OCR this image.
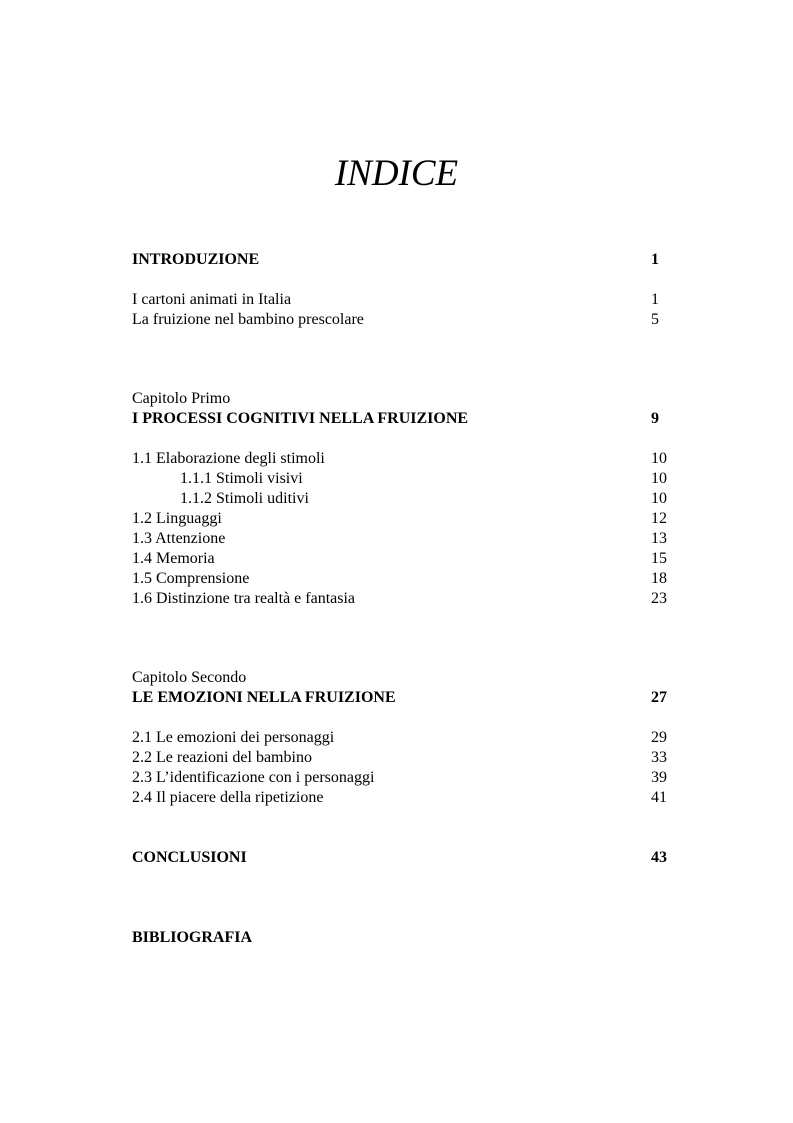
INDICE
INTRODUZIONE	1
I cartoni animati in Italia	1
La fruizione nel bambino prescolare	5
Capitolo Primo
I PROCESSI COGNITIVI NELLA FRUIZIONE	9
1.1 Elaborazione degli stimoli	10
1.1.1 Stimoli visivi	10
1.1.2 Stimoli uditivi	10
1.2 Linguaggi	12
1.3 Attenzione	13
1.4 Memoria	15
1.5 Comprensione	18
1.6 Distinzione tra realtà e fantasia	23
Capitolo Secondo
LE EMOZIONI NELLA FRUIZIONE	27
2.1 Le emozioni dei personaggi	29
2.2 Le reazioni del bambino	33
2.3 L’identificazione con i personaggi	39
2.4 Il piacere della ripetizione	41
CONCLUSIONI	43
BIBLIOGRAFIA
